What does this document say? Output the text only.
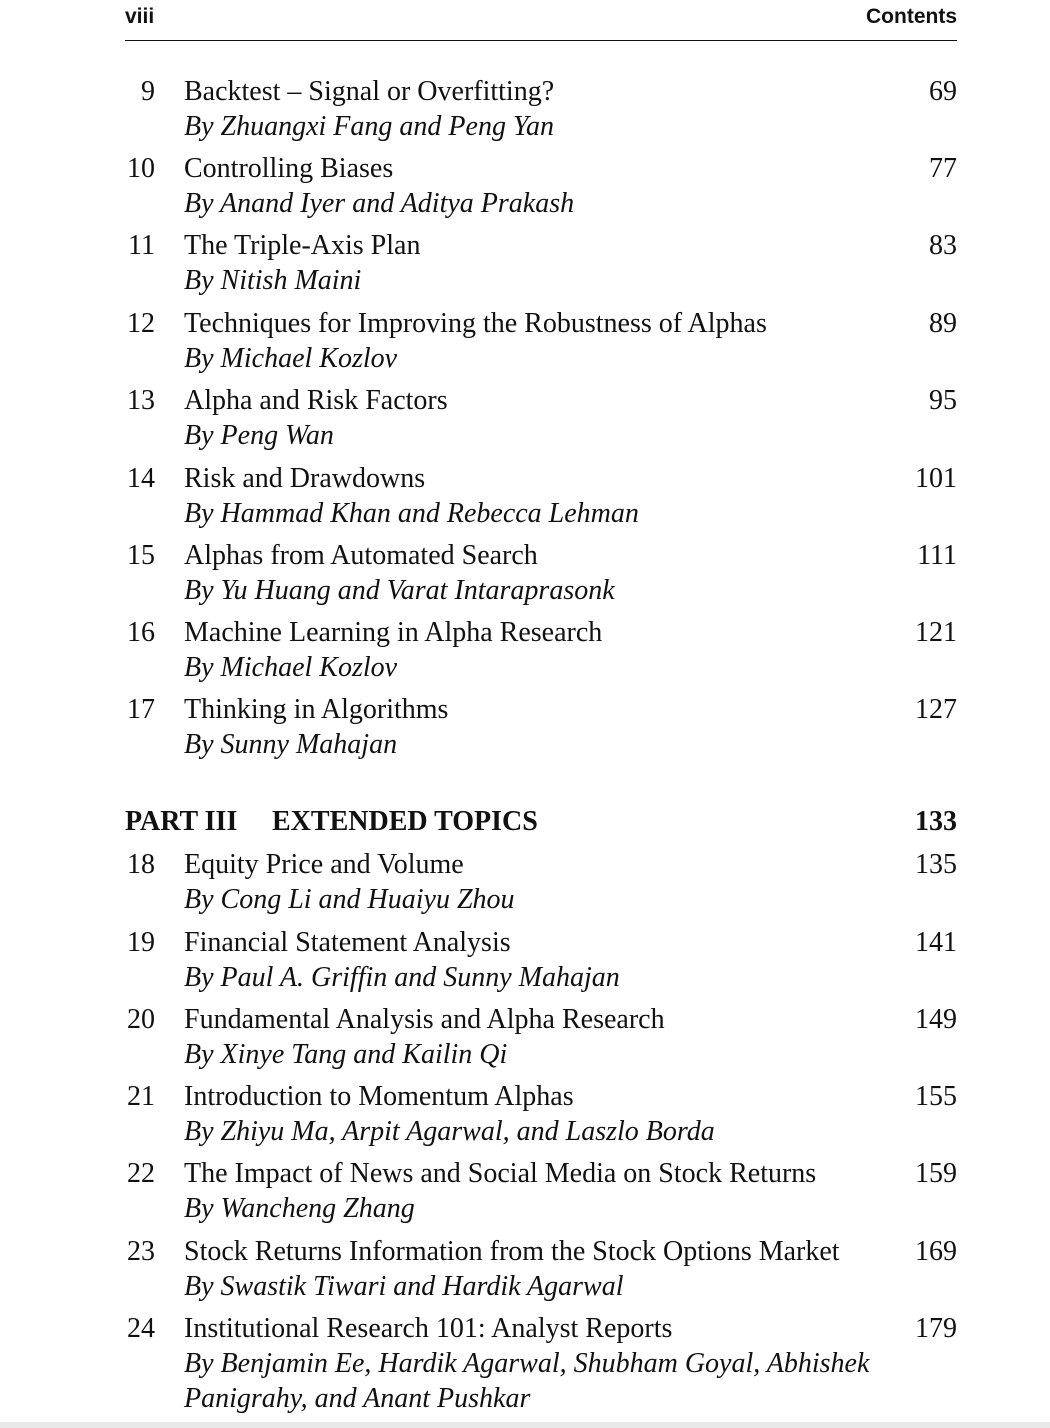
viii	Contents
9 Backtest – Signal or Overfitting?	69
By Zhuangxi Fang and Peng Yan
10 Controlling Biases	77
By Anand Iyer and Aditya Prakash
11 The Triple-Axis Plan	83
By Nitish Maini
12 Techniques for Improving the Robustness of Alphas	89
By Michael Kozlov
13 Alpha and Risk Factors	95
By Peng Wan
14 Risk and Drawdowns	101
By Hammad Khan and Rebecca Lehman
15 Alphas from Automated Search	111
By Yu Huang and Varat Intaraprasonk
16 Machine Learning in Alpha Research	121
By Michael Kozlov
17 Thinking in Algorithms	127
By Sunny Mahajan
PART III EXTENDED TOPICS	133
18 Equity Price and Volume	135
By Cong Li and Huaiyu Zhou
19 Financial Statement Analysis	141
By Paul A. Griffin and Sunny Mahajan
20 Fundamental Analysis and Alpha Research	149
By Xinye Tang and Kailin Qi
21 Introduction to Momentum Alphas	155
By Zhiyu Ma, Arpit Agarwal, and Laszlo Borda
22 The Impact of News and Social Media on Stock Returns	159
By Wancheng Zhang
23 Stock Returns Information from the Stock Options Market	169
By Swastik Tiwari and Hardik Agarwal
24 Institutional Research 101: Analyst Reports	179
By Benjamin Ee, Hardik Agarwal, Shubham Goyal, Abhishek Panigrahy, and Anant Pushkar
